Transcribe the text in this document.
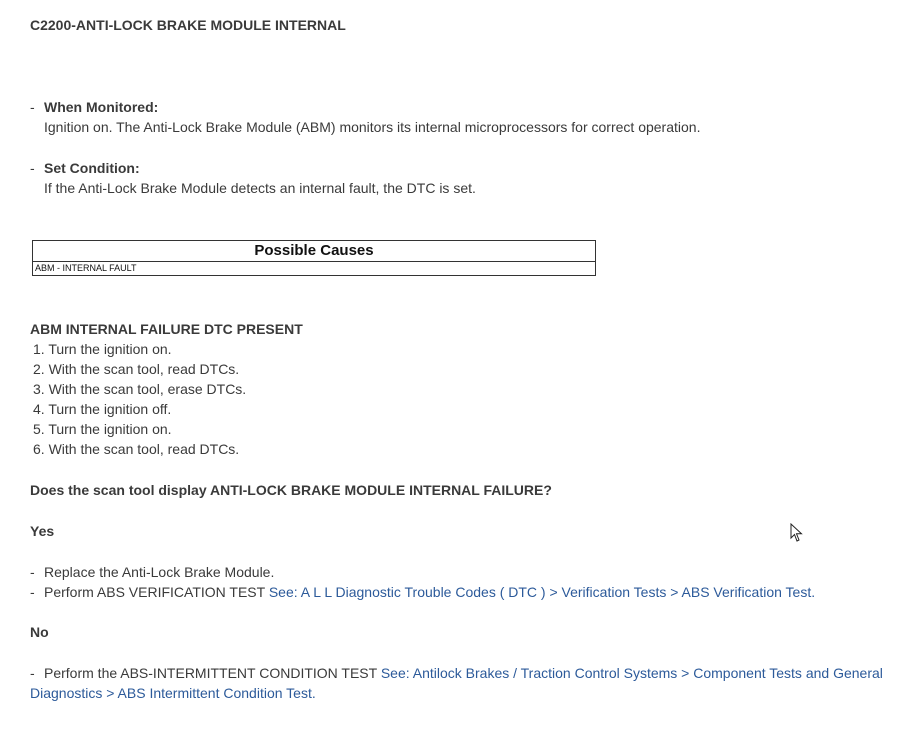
C2200-ANTI-LOCK BRAKE MODULE INTERNAL
- When Monitored:
Ignition on. The Anti-Lock Brake Module (ABM) monitors its internal microprocessors for correct operation.
- Set Condition:
If the Anti-Lock Brake Module detects an internal fault, the DTC is set.
Possible Causes
ABM - INTERNAL FAULT
ABM INTERNAL FAILURE DTC PRESENT
1. Turn the ignition on.
2. With the scan tool, read DTCs.
3. With the scan tool, erase DTCs.
4. Turn the ignition off.
5. Turn the ignition on.
6. With the scan tool, read DTCs.
Does the scan tool display ANTI-LOCK BRAKE MODULE INTERNAL FAILURE?
Yes
- Replace the Anti-Lock Brake Module.
- Perform ABS VERIFICATION TEST See: A L L Diagnostic Trouble Codes ( DTC ) > Verification Tests > ABS Verification Test.
No
- Perform the ABS-INTERMITTENT CONDITION TEST See: Antilock Brakes / Traction Control Systems > Component Tests and General
Diagnostics > ABS Intermittent Condition Test.
